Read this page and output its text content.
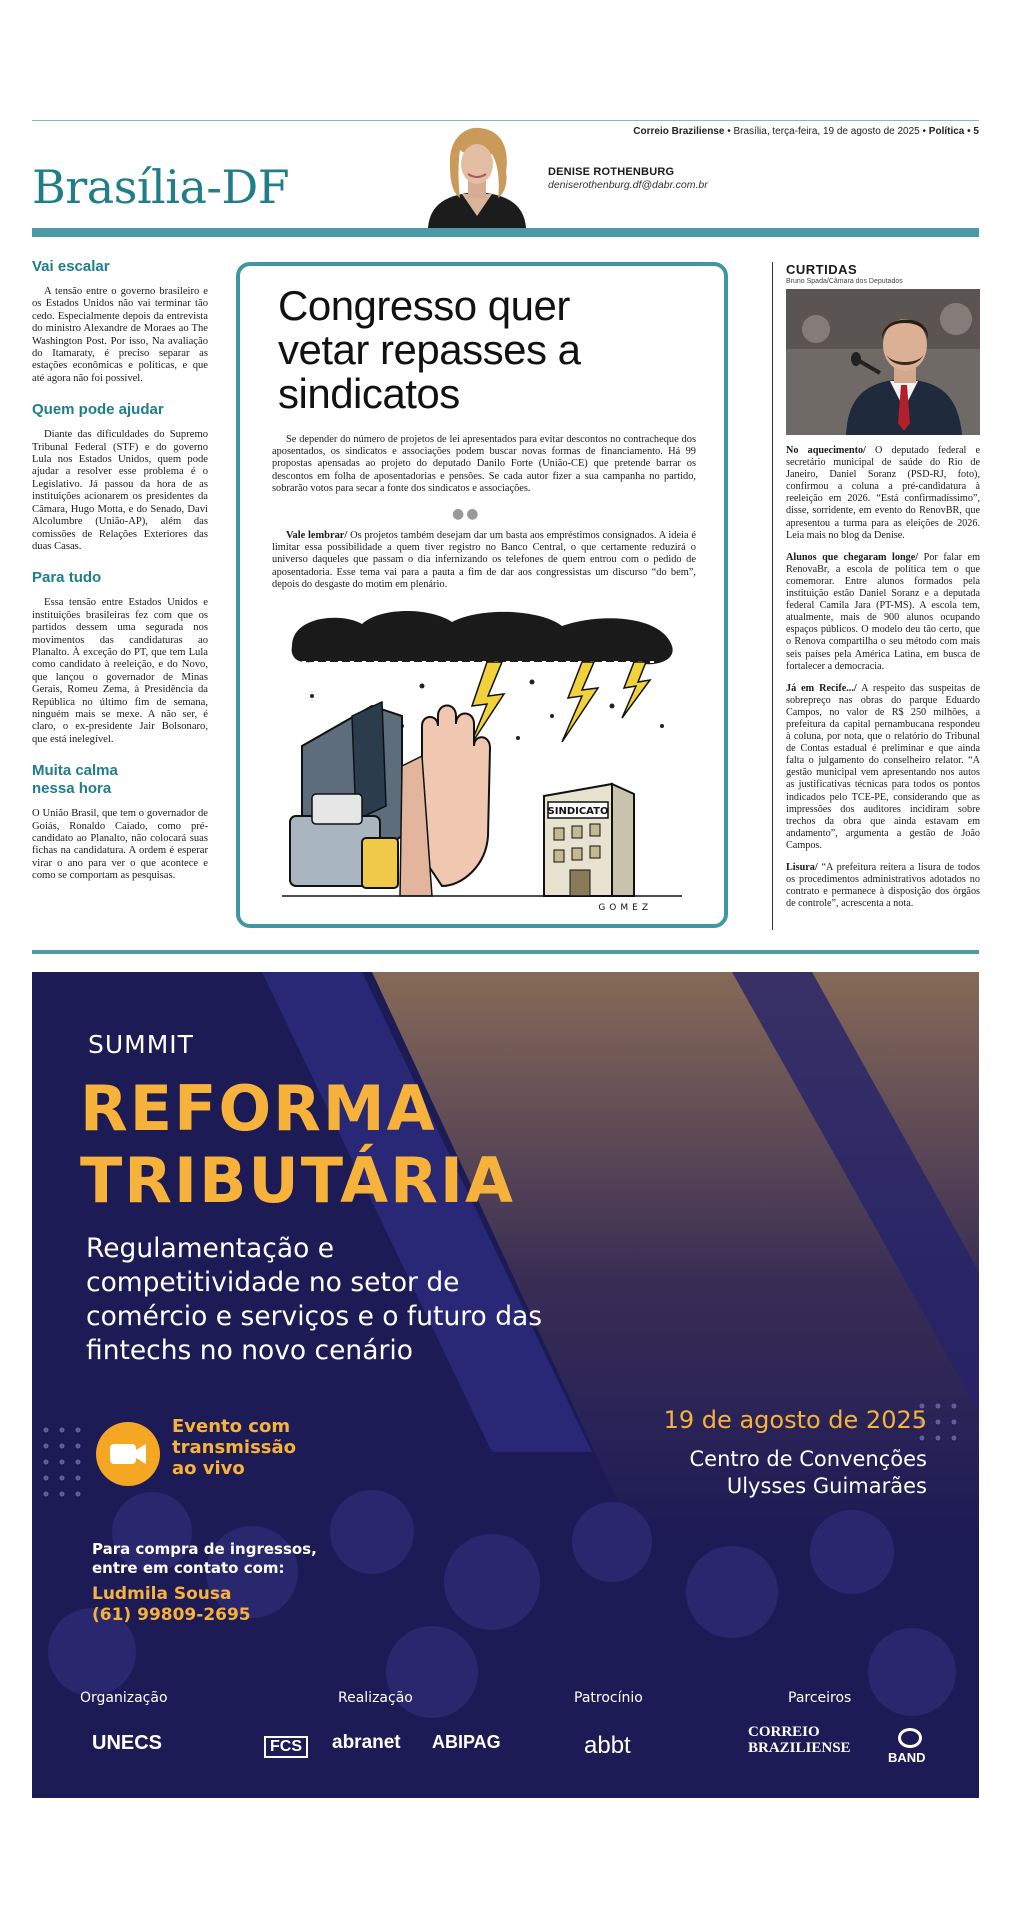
Correio Braziliense • Brasília, terça-feira, 19 de agosto de 2025 • Política • 5
Brasília-DF	DENISE ROTHENBURG
deniserothenburg.df@dabr.com.br
Vai escalar
A tensão entre o governo brasileiro e os Estados Unidos não vai terminar tão cedo. Especialmente depois da entrevista do ministro Alexandre de Moraes ao The Washington Post. Por isso, Na avaliação do Itamaraty, é preciso separar as estações econômicas e políticas, e que até agora não foi possível.
Quem pode ajudar
Diante das dificuldades do Supremo Tribunal Federal (STF) e do governo Lula nos Estados Unidos, quem pode ajudar a resolver esse problema é o Legislativo. Já passou da hora de as instituições acionarem os presidentes da Câmara, Hugo Motta, e do Senado, Davi Alcolumbre (União-AP), além das comissões de Relações Exteriores das duas Casas.
Para tudo
Essa tensão entre Estados Unidos e instituições brasileiras fez com que os partidos dessem uma segurada nos movimentos das candidaturas ao Planalto. À exceção do PT, que tem Lula como candidato à reeleição, e do Novo, que lançou o governador de Minas Gerais, Romeu Zema, à Presidência da República no último fim de semana, ninguém mais se mexe. A não ser, é claro, o ex-presidente Jair Bolsonaro, que está inelegível.
Muita calma nessa hora
O União Brasil, que tem o governador de Goiás, Ronaldo Caiado, como pré-candidato ao Planalto, não colocará suas fichas na candidatura. A ordem é esperar virar o ano para ver o que acontece e como se comportam as pesquisas.
Congresso quer vetar repasses a sindicatos
Se depender do número de projetos de lei apresentados para evitar descontos no contracheque dos aposentados, os sindicatos e associações podem buscar novas formas de financiamento. Há 99 propostas apensadas ao projeto do deputado Danilo Forte (União-CE) que pretende barrar os descontos em folha de aposentadorias e pensões. Se cada autor fizer a sua campanha no partido, sobrarão votos para secar a fonte dos sindicatos e associações.
●●
Vale lembrar/ Os projetos também desejam dar um basta aos empréstimos consignados. A ideia é limitar essa possibilidade a quem tiver registro no Banco Central, o que certamente reduzirá o universo daqueles que passam o dia infernizando os telefones de quem entrou com o pedido de aposentadoria. Esse tema vai para a pauta a fim de dar aos congressistas um discurso “do bem”, depois do desgaste do motim em plenário.
SINDICATO
GOMEZ
CURTIDAS
Bruno Spada/Câmara dos Deputados
No aquecimento/ O deputado federal e secretário municipal de saúde do Rio de Janeiro, Daniel Soranz (PSD-RJ, foto), confirmou a coluna a pré-candidatura à reeleição em 2026. “Está confirmadíssimo”, disse, sorridente, em evento do RenovBR, que apresentou a turma para as eleições de 2026. Leia mais no blog da Denise.
Alunos que chegaram longe/ Por falar em RenovaBr, a escola de política tem o que comemorar. Entre alunos formados pela instituição estão Daniel Soranz e a deputada federal Camila Jara (PT-MS). A escola tem, atualmente, mais de 900 alunos ocupando espaços públicos. O modelo deu tão certo, que o Renova compartilha o seu método com mais seis países pela América Latina, em busca de fortalecer a democracia.
Já em Recife.../ A respeito das suspeitas de sobrepreço nas obras do parque Eduardo Campos, no valor de R$ 250 milhões, a prefeitura da capital pernambucana respondeu à coluna, por nota, que o relatório do Tribunal de Contas estadual é preliminar e que ainda falta o julgamento do conselheiro relator. “A gestão municipal vem apresentando nos autos as justificativas técnicas para todos os pontos indicados pelo TCE-PE, considerando que as impressões dos auditores incidiram sobre trechos da obra que ainda estavam em andamento”, argumenta a gestão de João Campos.
Lisura/ “A prefeitura reitera a lisura de todos os procedimentos administrativos adotados no contrato e permanece à disposição dos órgãos de controle”, acrescenta a nota.
SUMMIT
REFORMA
TRIBUTÁRIA
Regulamentação e competitividade no setor de comércio e serviços e o futuro das fintechs no novo cenário
Evento com
transmissão
ao vivo
19 de agosto de 2025
Centro de Convenções
Ulysses Guimarães
Para compra de ingressos,
entre em contato com:
Ludmila Sousa
(61) 99809-2695
Organização	Realização	Patrocínio	Parceiros
UNECS	FCS	abranet ABIPAG	abbt	CORREIO
BRAZILIENSE
BAND
